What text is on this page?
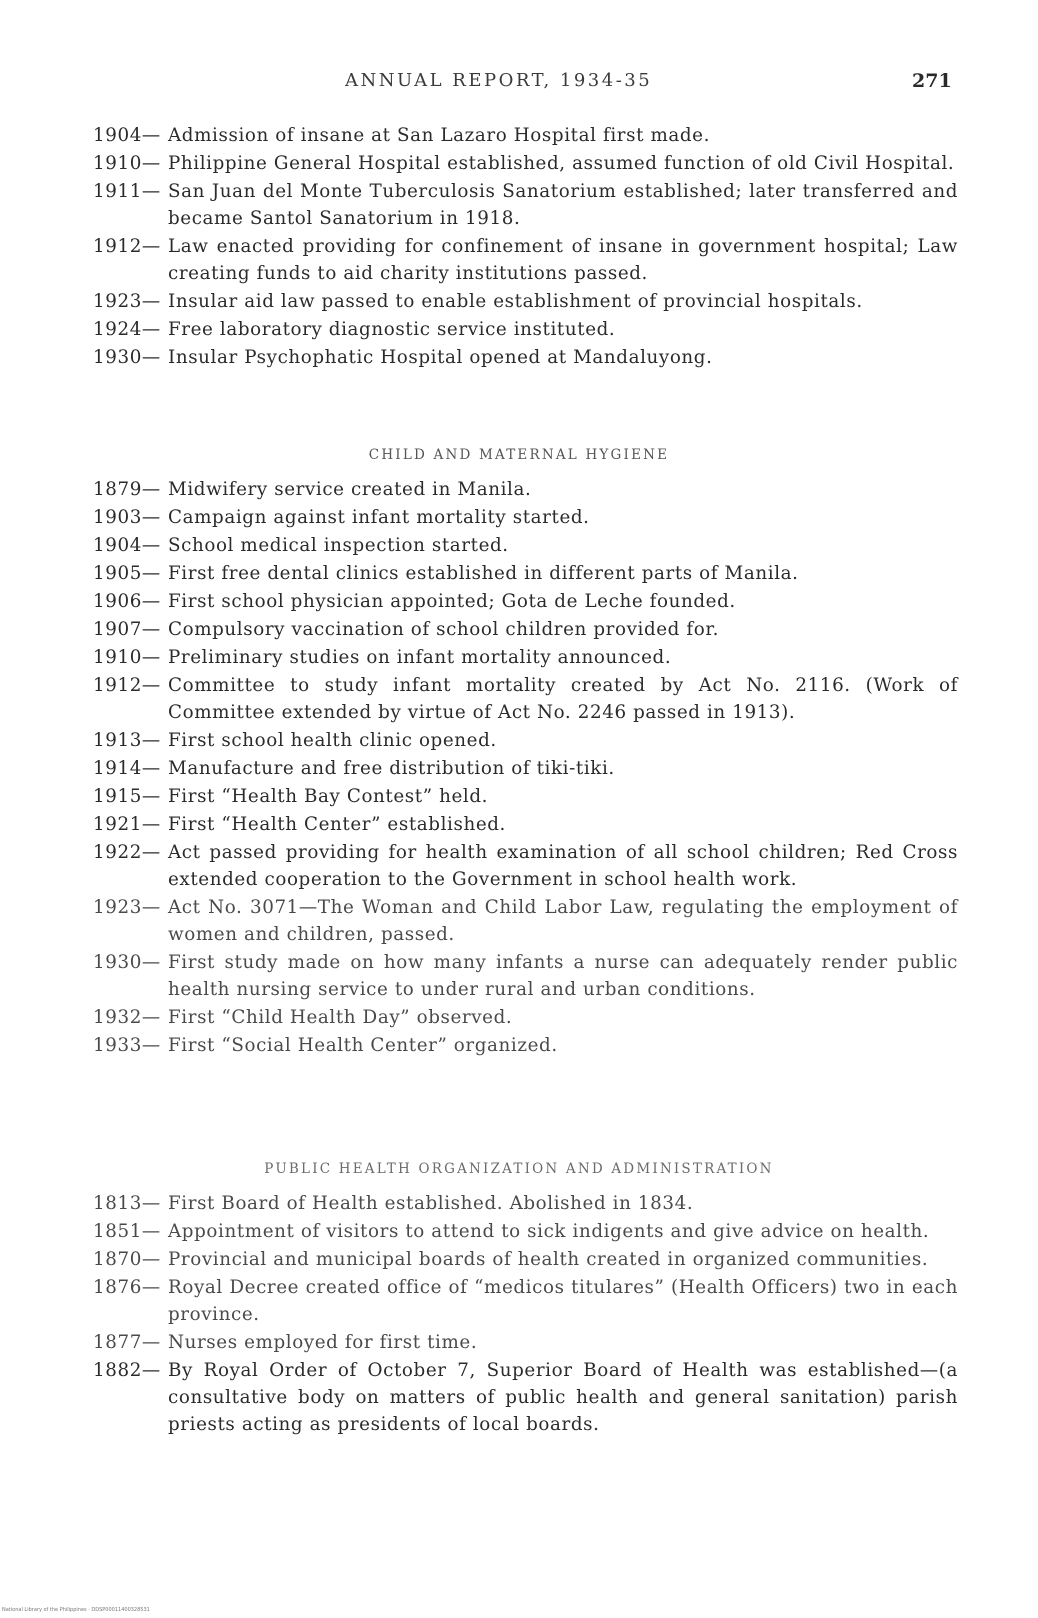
ANNUAL REPORT, 1934-35	271
1904— Admission of insane at San Lazaro Hospital first made.
1910— Philippine General Hospital established, assumed function of old Civil Hospital.
1911— San Juan del Monte Tuberculosis Sanatorium established; later transferred and became Santol Sanatorium in 1918.
1912— Law enacted providing for confinement of insane in government hospital; Law creating funds to aid charity institutions passed.
1923— Insular aid law passed to enable establishment of provincial hospitals.
1924— Free laboratory diagnostic service instituted.
1930— Insular Psychophatic Hospital opened at Mandaluyong.
CHILD AND MATERNAL HYGIENE
1879— Midwifery service created in Manila.
1903— Campaign against infant mortality started.
1904— School medical inspection started.
1905— First free dental clinics established in different parts of Manila.
1906— First school physician appointed; Gota de Leche founded.
1907— Compulsory vaccination of school children provided for.
1910— Preliminary studies on infant mortality announced.
1912— Committee to study infant mortality created by Act No. 2116. (Work of Committee extended by virtue of Act No. 2246 passed in 1913).
1913— First school health clinic opened.
1914— Manufacture and free distribution of tiki-tiki.
1915— First “Health Bay Contest” held.
1921— First “Health Center” established.
1922— Act passed providing for health examination of all school children; Red Cross extended cooperation to the Government in school health work.
1923— Act No. 3071—The Woman and Child Labor Law, regulating the employment of women and children, passed.
1930— First study made on how many infants a nurse can adequately render public health nursing service to under rural and urban conditions.
1932— First “Child Health Day” observed.
1933— First “Social Health Center” organized.
PUBLIC HEALTH ORGANIZATION AND ADMINISTRATION
1813— First Board of Health established. Abolished in 1834.
1851— Appointment of visitors to attend to sick indigents and give advice on health.
1870— Provincial and municipal boards of health created in organized communities.
1876— Royal Decree created office of “medicos titulares” (Health Officers) two in each province.
1877— Nurses employed for first time.
1882— By Royal Order of October 7, Superior Board of Health was established—(a consultative body on matters of public health and general sanitation) parish priests acting as presidents of local boards.
National Library of the Philippines · DDSP00011400328531
